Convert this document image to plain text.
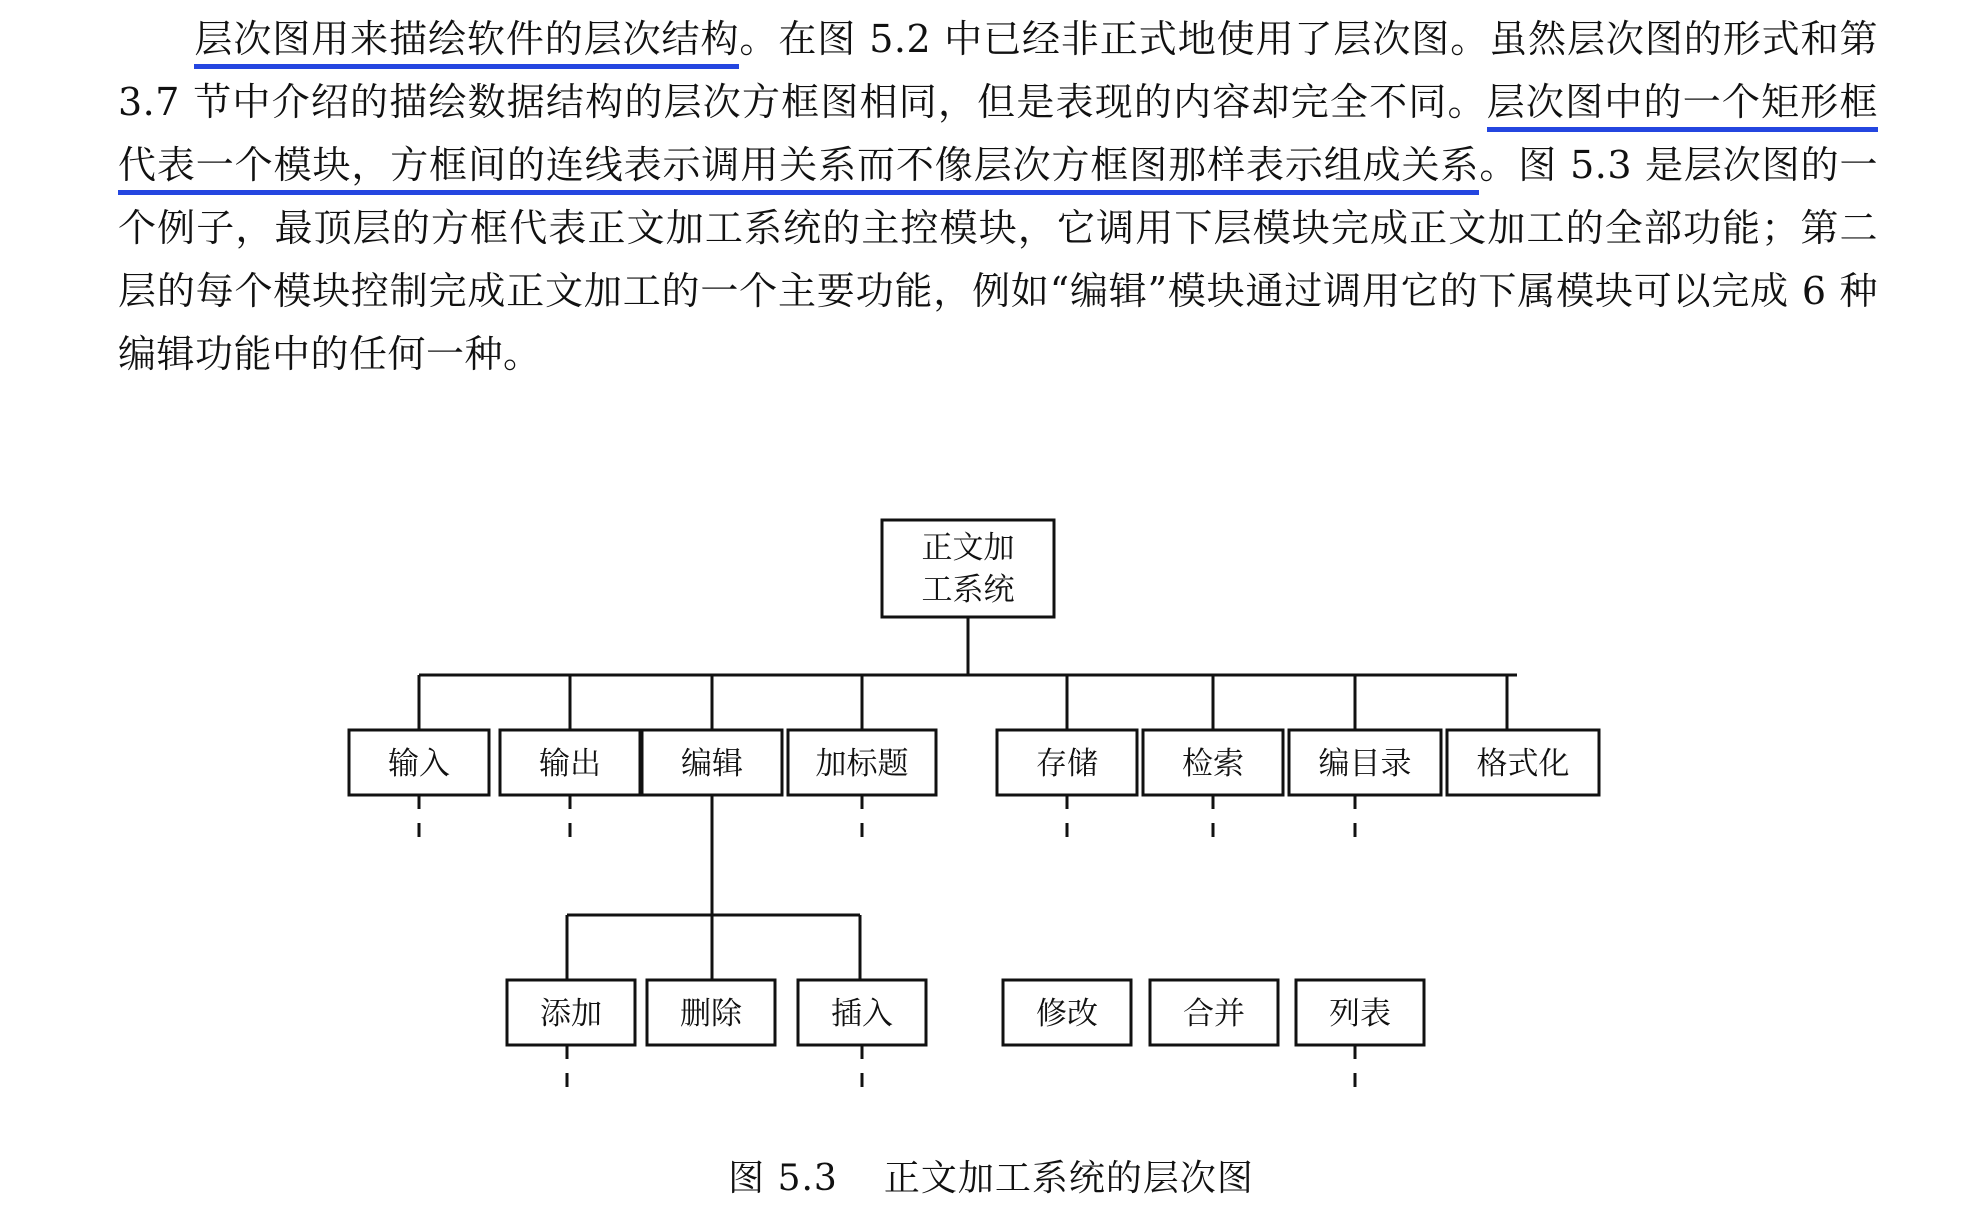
层次图用来描绘软件的层次结构。在图 5.2 中已经非正式地使用了层次图。虽然层次图的形式和第 3.7 节中介绍的描绘数据结构的层次方框图相同，但是表现的内容却完全不同。层次图中的一个矩形框代表一个模块，方框间的连线表示调用关系而不像层次方框图那样表示组成关系。图 5.3 是层次图的一个例子，最顶层的方框代表正文加工系统的主控模块，它调用下层模块完成正文加工的全部功能；第二层的每个模块控制完成正文加工的一个主要功能，例如“编辑”模块通过调用它的下属模块可以完成 6 种编辑功能中的任何一种。
正文加
工系统
输入	输出	编辑 加标题	存储	检索 编目录 格式化
添加	删除	插入	修改	合并	列表
图 5.3 正文加工系统的层次图
